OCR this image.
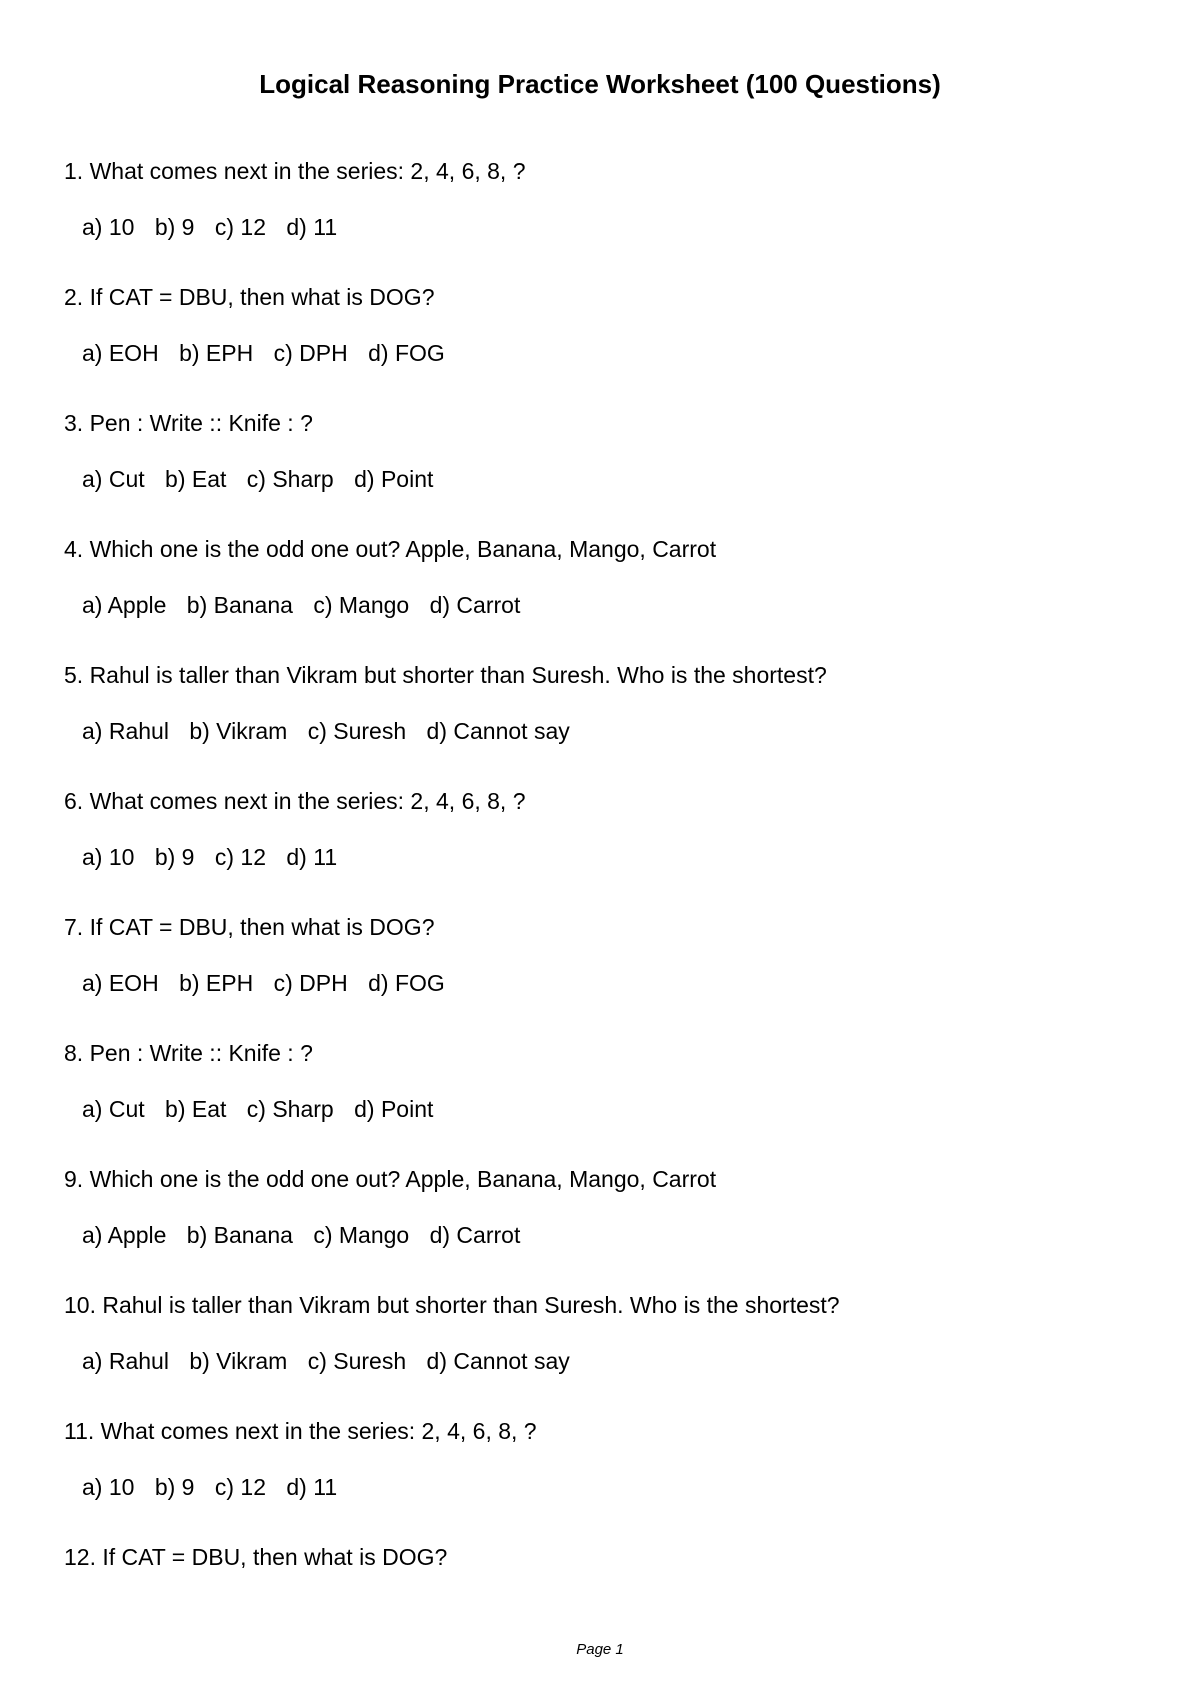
Logical Reasoning Practice Worksheet (100 Questions)
1. What comes next in the series: 2, 4, 6, 8, ?
a) 10 b) 9 c) 12 d) 11
2. If CAT = DBU, then what is DOG?
a) EOH b) EPH c) DPH d) FOG
3. Pen : Write :: Knife : ?
a) Cut b) Eat c) Sharp d) Point
4. Which one is the odd one out? Apple, Banana, Mango, Carrot
a) Apple b) Banana c) Mango d) Carrot
5. Rahul is taller than Vikram but shorter than Suresh. Who is the shortest?
a) Rahul b) Vikram c) Suresh d) Cannot say
6. What comes next in the series: 2, 4, 6, 8, ?
a) 10 b) 9 c) 12 d) 11
7. If CAT = DBU, then what is DOG?
a) EOH b) EPH c) DPH d) FOG
8. Pen : Write :: Knife : ?
a) Cut b) Eat c) Sharp d) Point
9. Which one is the odd one out? Apple, Banana, Mango, Carrot
a) Apple b) Banana c) Mango d) Carrot
10. Rahul is taller than Vikram but shorter than Suresh. Who is the shortest?
a) Rahul b) Vikram c) Suresh d) Cannot say
11. What comes next in the series: 2, 4, 6, 8, ?
a) 10 b) 9 c) 12 d) 11
12. If CAT = DBU, then what is DOG?
Page 1
